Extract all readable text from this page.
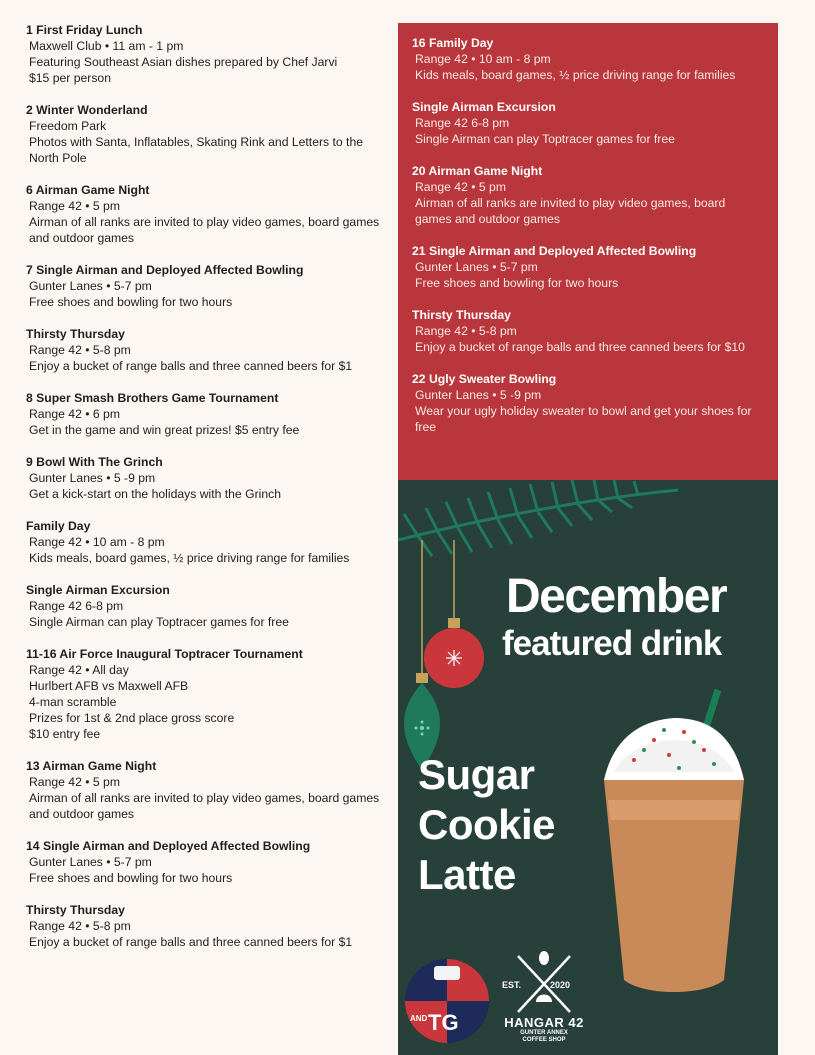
1 First Friday Lunch
Maxwell Club • 11 am - 1 pm
Featuring Southeast Asian dishes prepared by Chef Jarvi
$15 per person
2 Winter Wonderland
Freedom Park
Photos with Santa, Inflatables, Skating Rink and Letters to the North Pole
6 Airman Game Night
Range 42 • 5 pm
Airman of all ranks are invited to play video games, board games and outdoor games
7 Single Airman and Deployed Affected Bowling
Gunter Lanes • 5-7 pm
Free shoes and bowling for two hours
Thirsty Thursday
Range 42 • 5-8 pm
Enjoy a bucket of range balls and three canned beers for $1
8 Super Smash Brothers Game Tournament
Range 42 • 6 pm
Get in the game and win great prizes! $5 entry fee
9 Bowl With The Grinch
Gunter Lanes • 5 -9 pm
Get a kick-start on the holidays with the Grinch
Family Day
Range 42 • 10 am - 8 pm
Kids meals, board games, ½ price driving range for families
Single Airman Excursion
Range 42 6-8 pm
Single Airman can play Toptracer games for free
11-16 Air Force Inaugural Toptracer Tournament
Range 42 • All day
Hurlbert AFB vs Maxwell AFB
4-man scramble
Prizes for 1st & 2nd place gross score
$10 entry fee
13 Airman Game Night
Range 42 • 5 pm
Airman of all ranks are invited to play video games, board games and outdoor games
14 Single Airman and Deployed Affected Bowling
Gunter Lanes • 5-7 pm
Free shoes and bowling for two hours
Thirsty Thursday
Range 42 • 5-8 pm
Enjoy a bucket of range balls and three canned beers for $1
16 Family Day
Range 42 • 10 am - 8 pm
Kids meals, board games, ½ price driving range for families
Single Airman Excursion
Range 42 6-8 pm
Single Airman can play Toptracer games for free
20 Airman Game Night
Range 42 • 5 pm
Airman of all ranks are invited to play video games, board games and outdoor games
21 Single Airman and Deployed Affected Bowling
Gunter Lanes • 5-7 pm
Free shoes and bowling for two hours
Thirsty Thursday
Range 42 • 5-8 pm
Enjoy a bucket of range balls and three canned beers for $10
22 Ugly Sweater Bowling
Gunter Lanes • 5 -9 pm
Wear your ugly holiday sweater to bowl and get your shoes for free
December
featured drink
Sugar
Cookie
Latte
TG
AND
EST.	2020
HANGAR 42
GUNTER ANNEX
COFFEE SHOP
